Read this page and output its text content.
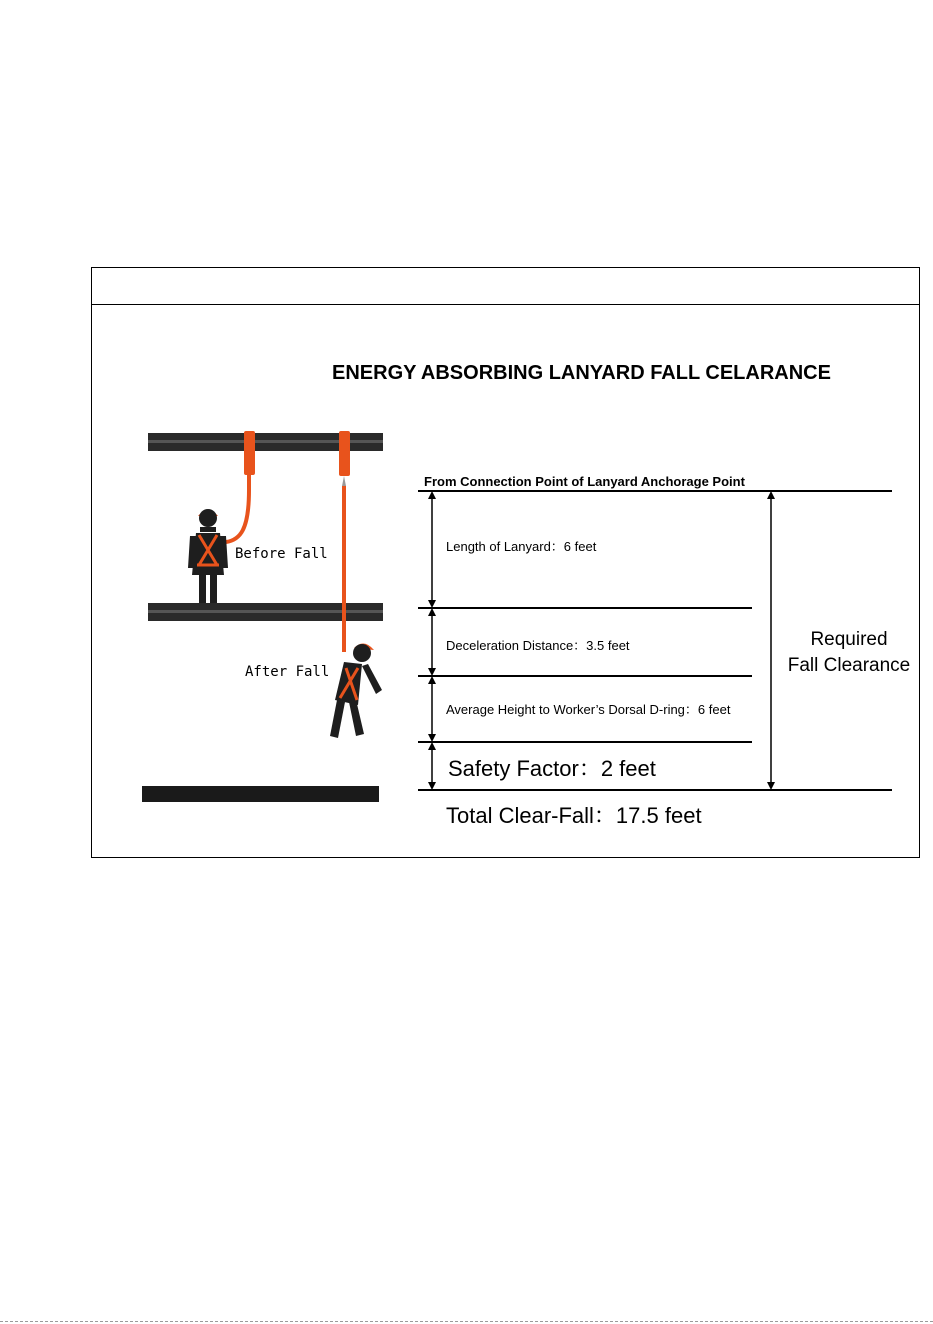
ENERGY ABSORBING LANYARD FALL CELARANCE
Before Fall
After Fall
From Connection Point of Lanyard Anchorage Point
Length of Lanyard：6 feet
Deceleration Distance：3.5 feet
Average Height to Worker’s Dorsal D-ring：6 feet
Safety Factor：2 feet
Required
Fall Clearance
Total Clear-Fall：17.5 feet
